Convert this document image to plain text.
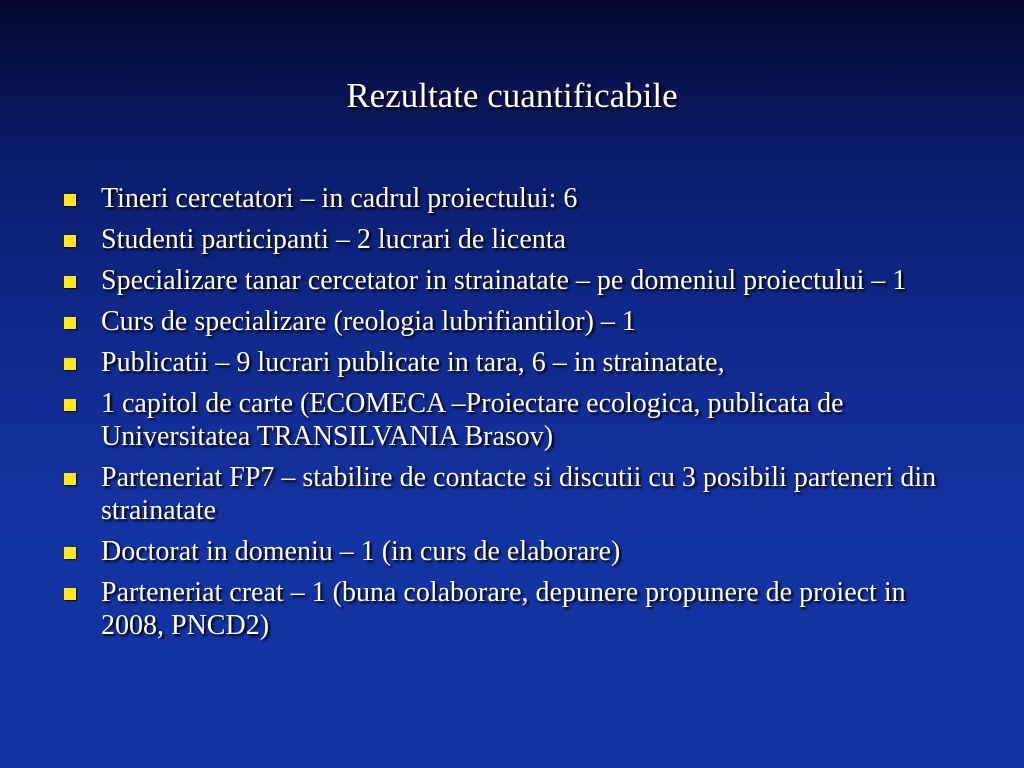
Rezultate cuantificabile
Tineri cercetatori – in cadrul proiectului: 6
Studenti participanti – 2 lucrari de licenta
Specializare tanar cercetator in strainatate – pe domeniul proiectului – 1
Curs de specializare (reologia lubrifiantilor) – 1
Publicatii – 9 lucrari publicate in tara, 6 – in strainatate,
1 capitol de carte (ECOMECA –Proiectare ecologica, publicata de Universitatea TRANSILVANIA Brasov)
Parteneriat FP7 – stabilire de contacte si discutii cu 3 posibili parteneri din strainatate
Doctorat in domeniu – 1 (in curs de elaborare)
Parteneriat creat – 1 (buna colaborare, depunere propunere de proiect in 2008, PNCD2)
